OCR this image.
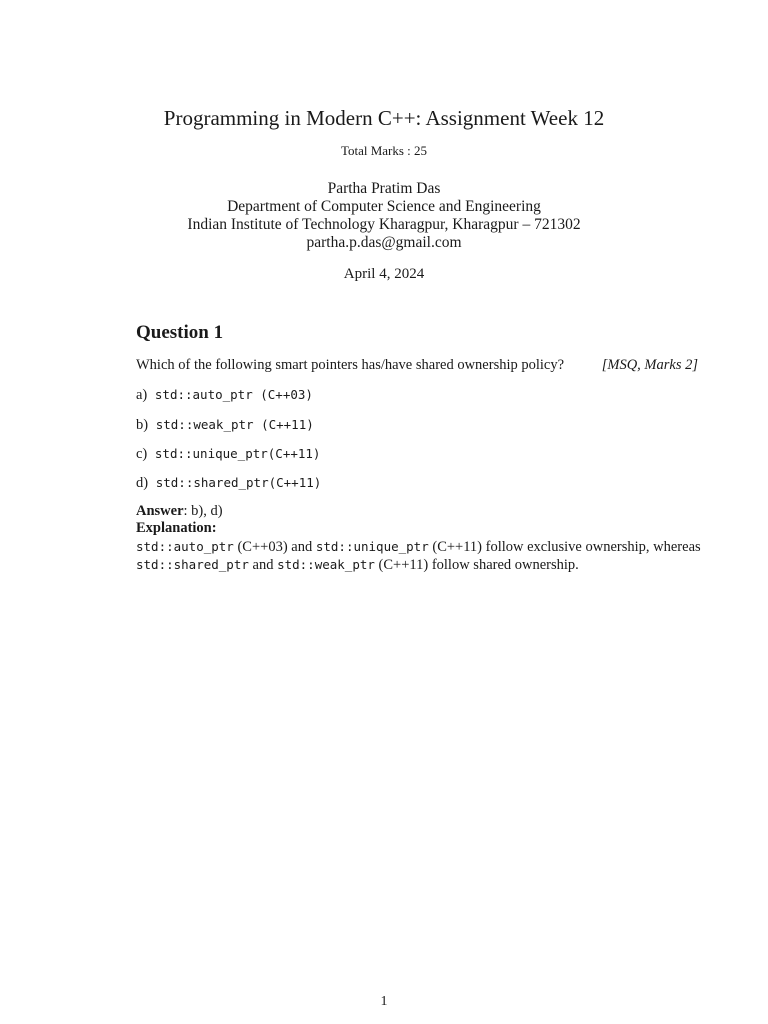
Programming in Modern C++: Assignment Week 12
Total Marks : 25
Partha Pratim Das
Department of Computer Science and Engineering
Indian Institute of Technology Kharagpur, Kharagpur – 721302
partha.p.das@gmail.com
April 4, 2024
Question 1
Which of the following smart pointers has/have shared ownership policy?	[MSQ, Marks 2]
a) std::auto_ptr (C++03)
b) std::weak_ptr (C++11)
c) std::unique_ptr(C++11)
d) std::shared_ptr(C++11)
Answer: b), d)
Explanation:
std::auto_ptr (C++03) and std::unique_ptr (C++11) follow exclusive ownership, whereas
std::shared_ptr and std::weak_ptr (C++11) follow shared ownership.
1
